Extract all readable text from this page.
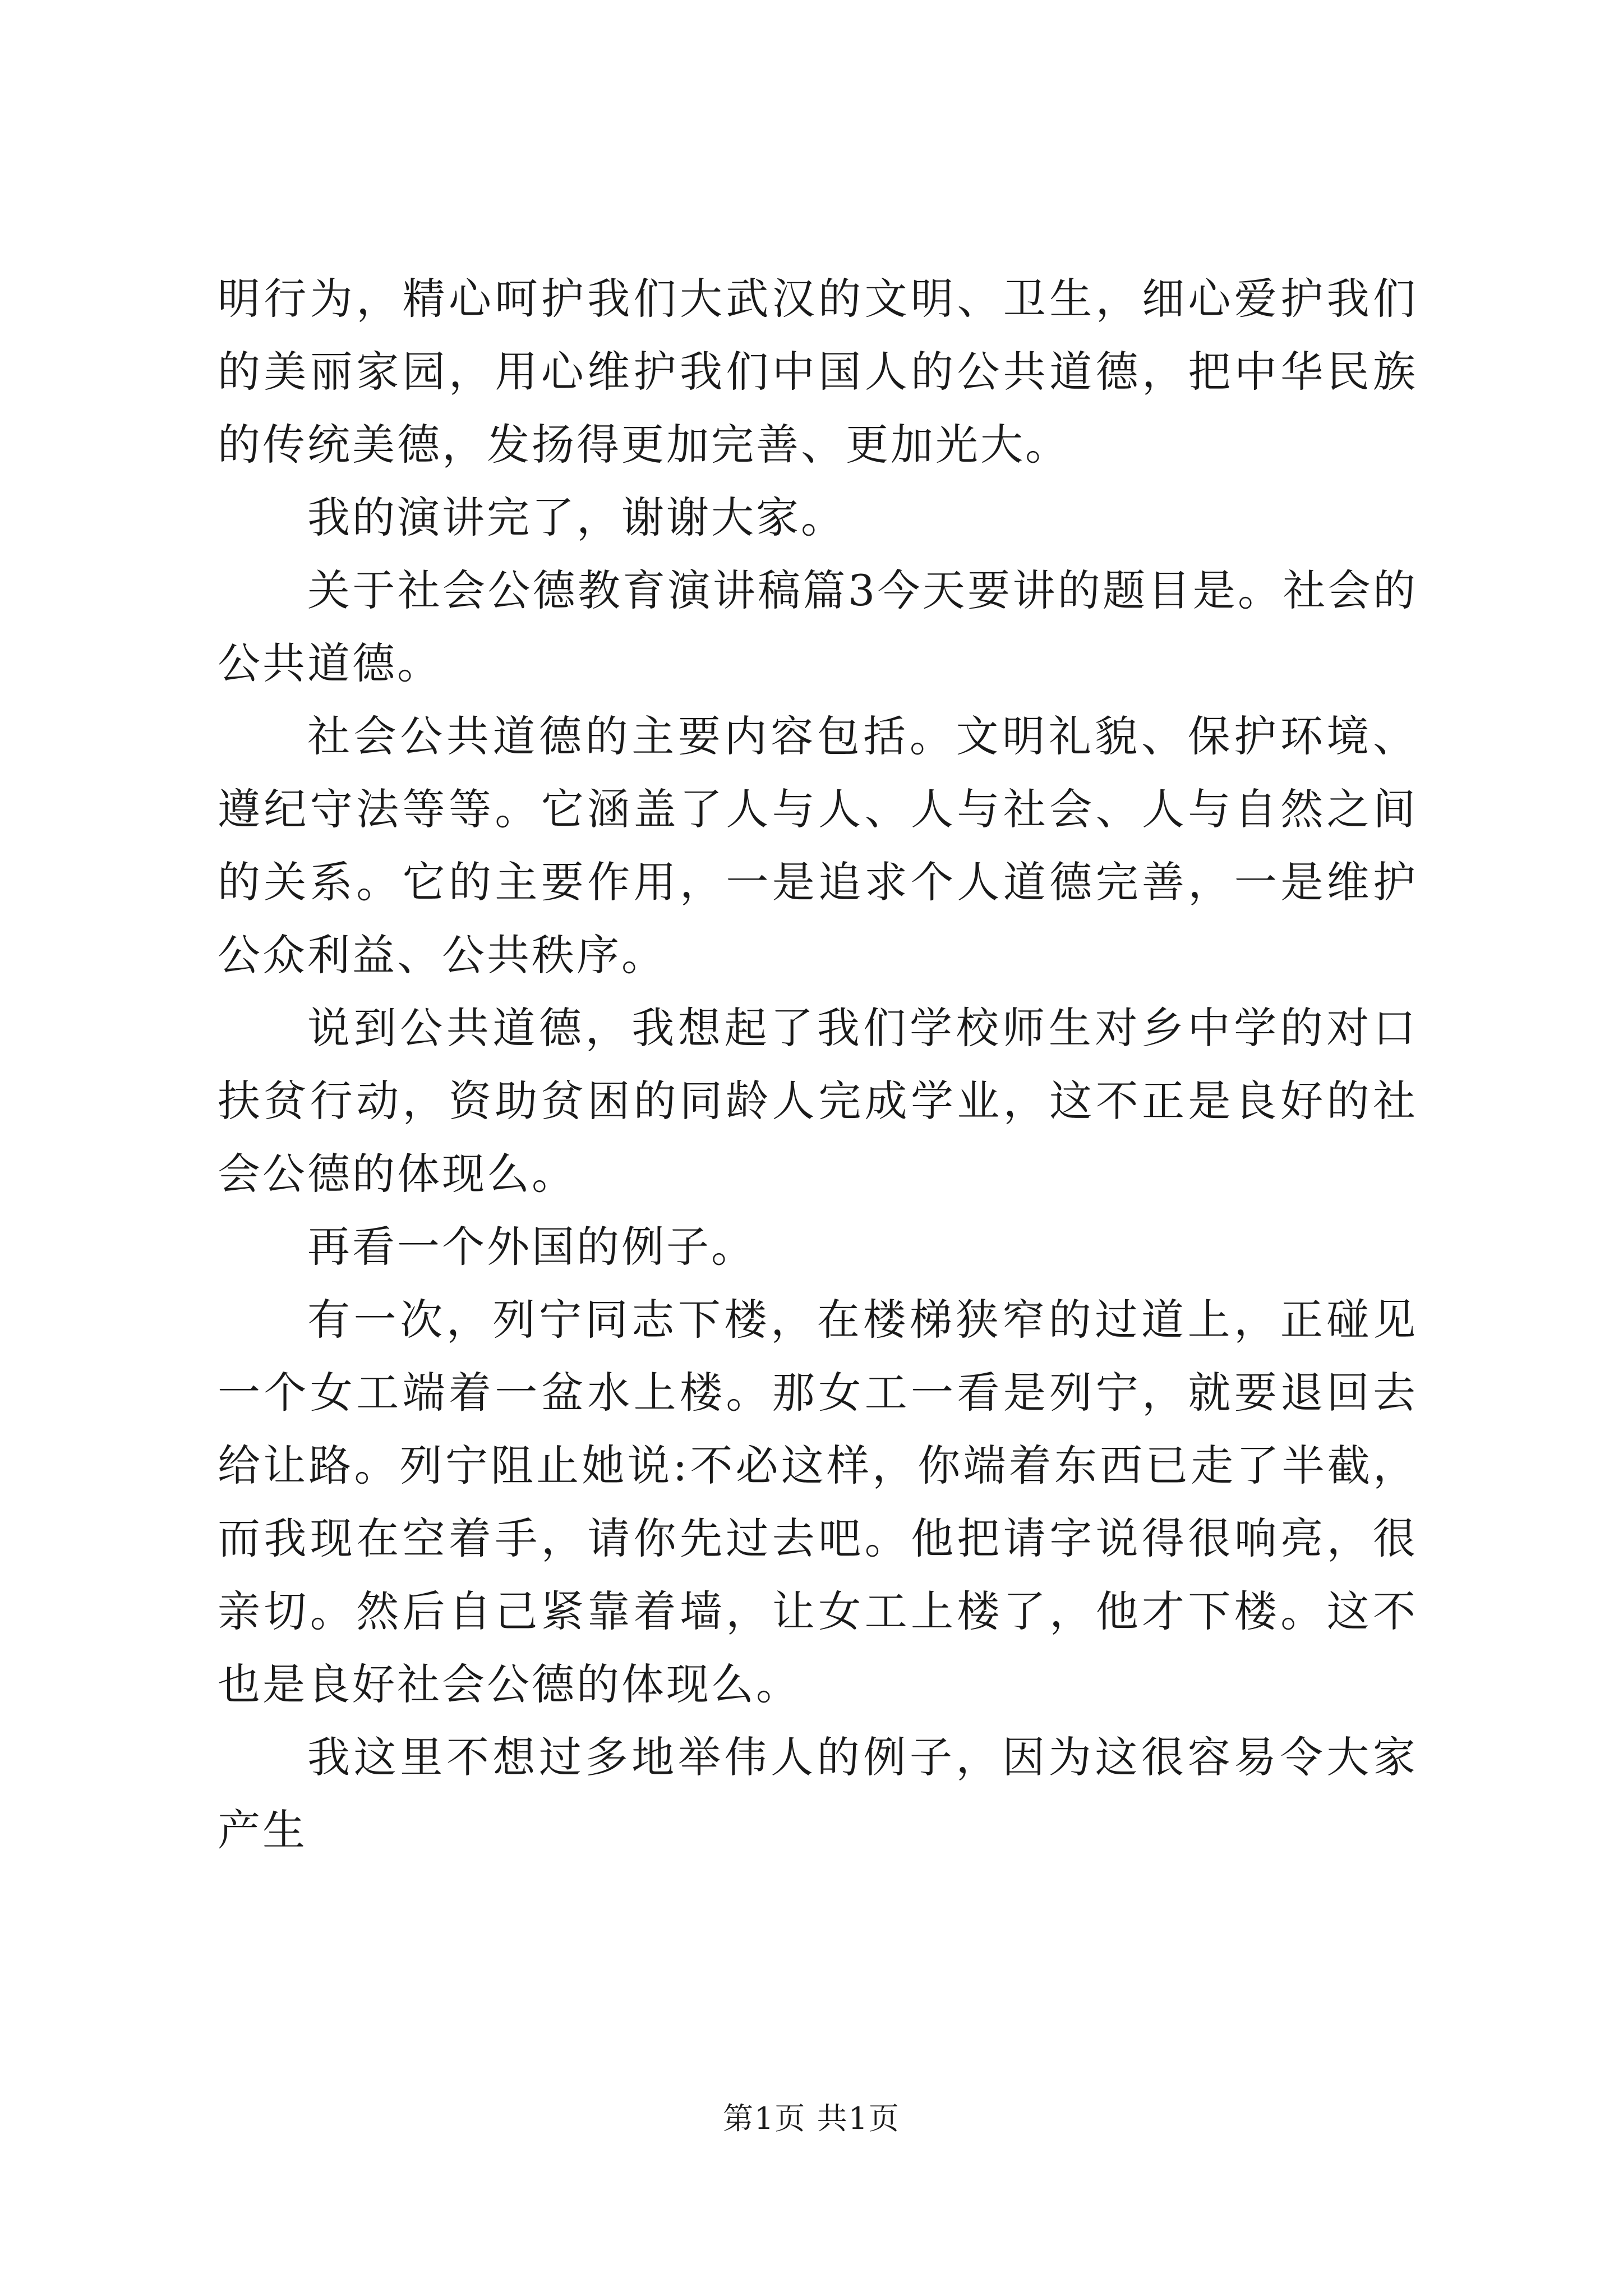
明行为，精心呵护我们大武汉的文明、卫生，细心爱护我们的美丽家园，用心维护我们中国人的公共道德，把中华民族的传统美德，发扬得更加完善、更加光大。

我的演讲完了，谢谢大家。

关于社会公德教育演讲稿篇3今天要讲的题目是。社会的公共道德。

社会公共道德的主要内容包括。文明礼貌、保护环境、遵纪守法等等。它涵盖了人与人、人与社会、人与自然之间的关系。它的主要作用，一是追求个人道德完善，一是维护公众利益、公共秩序。

说到公共道德，我想起了我们学校师生对乡中学的对口扶贫行动，资助贫困的同龄人完成学业，这不正是良好的社会公德的体现么。

再看一个外国的例子。

有一次，列宁同志下楼，在楼梯狭窄的过道上，正碰见一个女工端着一盆水上楼。那女工一看是列宁，就要退回去给让路。列宁阻止她说:不必这样，你端着东西已走了半截，而我现在空着手，请你先过去吧。他把请字说得很响亮，很亲切。然后自己紧靠着墙，让女工上楼了，他才下楼。这不也是良好社会公德的体现么。

我这里不想过多地举伟人的例子，因为这很容易令大家产生

第1页 共1页
